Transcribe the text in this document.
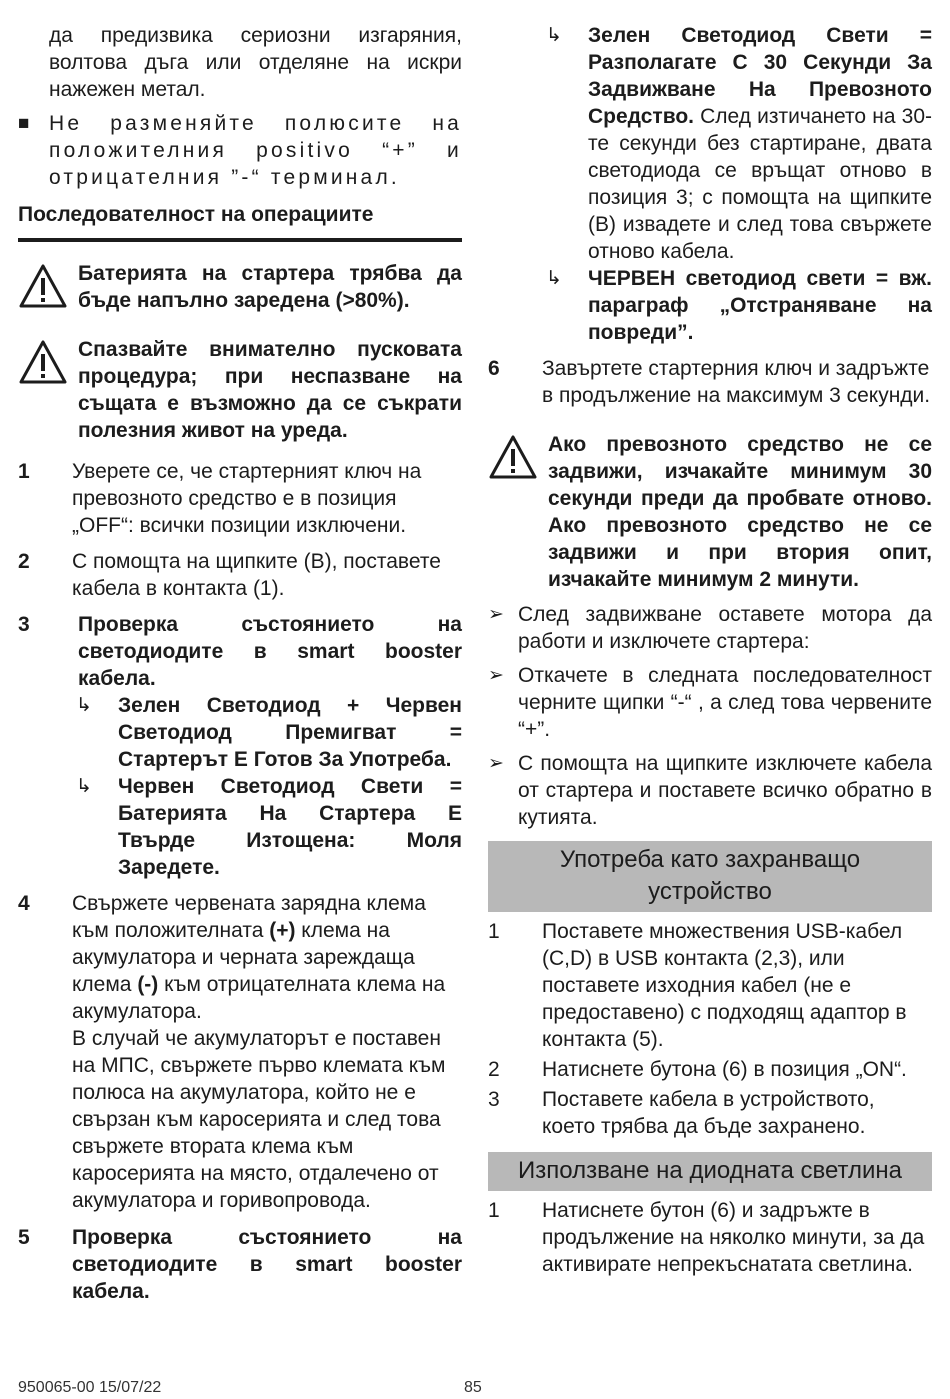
да предизвика сериозни изгаряния, волтова дъга или отделяне на искри нажежен метал.

■ Не разменяйте полюсите на положителния positivo “+” и отрицателния ”-“ терминал.

Последователност на операциите

Батерията на стартера трябва да бъде напълно заредена (>80%).

Спазвайте внимателно пусковата процедура; при неспазване на същата е възможно да се съкрати полезния живот на уреда.

1	Уверете се, че стартерният ключ на превозното средство е в позиция „OFF“: всички позиции изключени.

2	С помощта на щипките (B), поставете кабела в контакта (1).

3	Проверка състоянието на светодиодите в smart booster кабела.

↳	Зелен Светодиод + Червен Светодиод Премигват = Стартерът Е Готов За Употреба.

↳	Червен Светодиод Свети = Батерията На Стартера Е Твърде Изтощена: Моля Заредете.

4	Свържете червената зарядна клема към положителната (+) клема на акумулатора и черната зареждаща клема (-) към отрицателната клема на акумулатора.

В случай че акумулаторът е поставен на МПС, свържете първо клемата към полюса на акумулатора, който не е свързан към каросерията и след това свържете втората клема към каросерията на място, отдалечено от акумулатора и горивопровода.

5	Проверка състоянието на светодиодите в smart booster кабела.

↳	Зелен Светодиод Свети = Разполагате С 30 Секунди За Задвижване На Превозното Средство. След изтичането на 30-те секунди без стартиране, двата светодиода се връщат отново в позиция 3; с помощта на щипките (B) извадете и след това свържете отново кабела.

↳	ЧЕРВЕН светодиод свети = вж. параграф „Отстраняване на повреди”.

6	Завъртете стартерния ключ и задръжте в продължение на максимум 3 секунди.

Ако превозното средство не се задвижи, изчакайте минимум 30 секунди преди да пробвате отново. Ако превозното средство не се задвижи и при втория опит, изчакайте минимум 2 минути.

➢ След задвижване оставете мотора да работи и изключете стартера:

➢ Откачете в следната последователност черните щипки “-“ , а след това червените “+”.

➢ С помощта на щипките изключете кабела от стартера и поставете всичко обратно в кутията.

Употреба като захранващо устройство
1	Поставете множествения USB-кабел (C,D) в USB контакта (2,3), или поставете изходния кабел (не е предоставено) с подходящ адаптор в контакта (5).

2	Натиснете бутона (6) в позиция „ON“.

3	Поставете кабела в устройството, което трябва да бъде захранено.

Използване на диодната светлина
1	Натиснете бутон (6) и задръжте в продължение на няколко минути, за да активирате непрекъснатата светлина.

950065-00 15/07/22	85
